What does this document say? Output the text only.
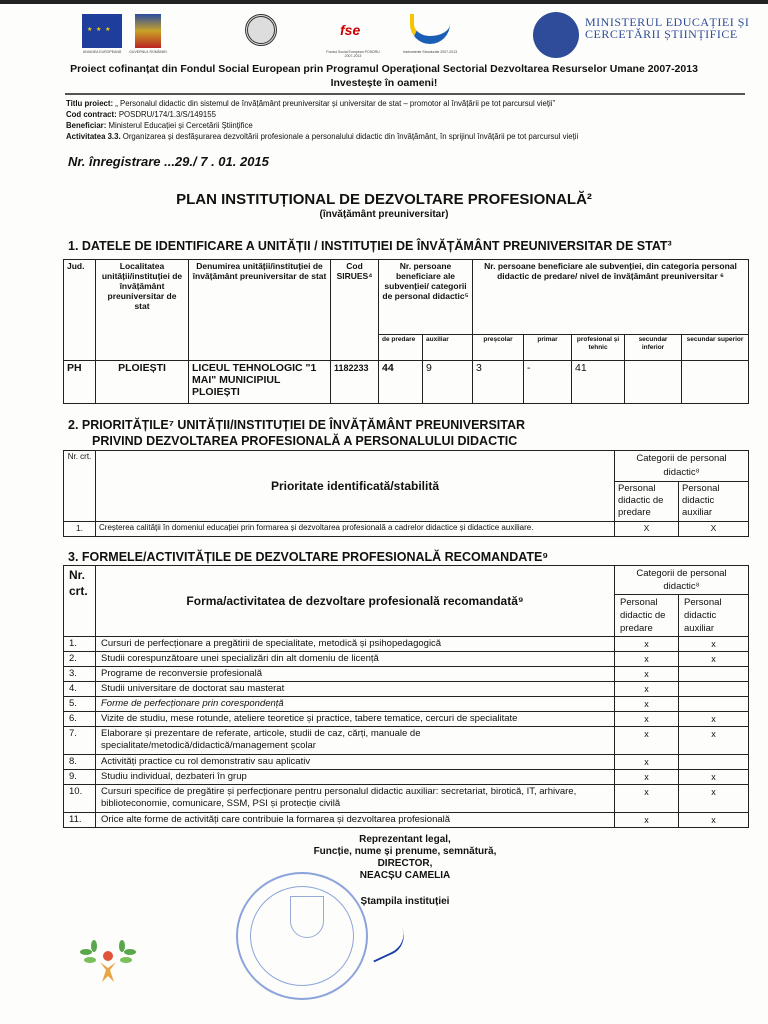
★ ★ ★
UNIUNEA EUROPEANĂ	GUVERNUL ROMÂNIEI
fse
Fondul Social European POSDRU 2007-2013
Instrumente Structurale 2007-2013
MINISTERUL EDUCAȚIEI ȘI
CERCETĂRII ȘTIINȚIFICE
Proiect cofinanțat din Fondul Social European prin Programul Operațional Sectorial Dezvoltarea Resurselor Umane 2007-2013
Investește în oameni!
Titlu proiect: „ Personalul didactic din sistemul de învățământ preuniversitar și universitar de stat – promotor al învățării pe tot parcursul vieții”
Cod contract: POSDRU/174/1.3/S/149155
Beneficiar: Ministerul Educației și Cercetării Științifice
Activitatea 3.3. Organizarea și desfășurarea dezvoltării profesionale a personalului didactic din învățământ, în sprijinul învățării pe tot parcursul vieții
Nr. înregistrare ...29./ 7 . 01. 2015
PLAN INSTITUȚIONAL DE DEZVOLTARE PROFESIONALĂ²
(învățământ preuniversitar)
1. DATELE DE IDENTIFICARE A UNITĂȚII / INSTITUȚIEI DE ÎNVĂȚĂMÂNT PREUNIVERSITAR DE STAT³
Jud.	Localitatea unității/instituției de învățământ preuniversitar de stat	Denumirea unității/instituției de învățământ preuniversitar de stat	Cod SIRUES⁴	Nr. persoane beneficiare ale subvenției/ categorii de personal didactic⁵		Nr. persoane beneficiare ale subvenției, din categoria personal didactic de predare/ nivel de învățământ preuniversitar ⁶				
				de predare	auxiliar	preșcolar	primar	profesional și tehnic	secundar inferior	secundar superior
PH	PLOIEȘTI	LICEUL TEHNOLOGIC "1 MAI" MUNICIPIUL PLOIEȘTI	1182233	44	9	3	-	41		
2. PRIORITĂȚILE⁷ UNITĂȚII/INSTITUȚIEI DE ÎNVĂȚĂMÂNT PREUNIVERSITAR
PRIVIND DEZVOLTAREA PROFESIONALĂ A PERSONALULUI DIDACTIC
Nr. crt.	Prioritate identificată/stabilită	Categorii de personal didactic⁸	
		Personal didactic de predare	Personal didactic auxiliar
1.	Creșterea calității în domeniul educației prin formarea și dezvoltarea profesională a cadrelor didactice și didactice auxiliare.	X	X
3. FORMELE/ACTIVITĂȚILE DE DEZVOLTARE PROFESIONALĂ RECOMANDATE⁹
Nr. crt.	Forma/activitatea de dezvoltare profesională recomandată⁹	Categorii de personal didactic⁸	
		Personal didactic de predare	Personal didactic auxiliar
1.	Cursuri de perfecționare a pregătirii de specialitate, metodică și psihopedagogică	x	x
2.	Studii corespunzătoare unei specializări din alt domeniu de licență	x	x
3.	Programe de reconversie profesională	x	
4.	Studii universitare de doctorat sau masterat	x	
5.	Forme de perfecționare prin corespondență	x	
6.	Vizite de studiu, mese rotunde, ateliere teoretice și practice, tabere tematice, cercuri de specialitate	x	x
7.	Elaborare și prezentare de referate, articole, studii de caz, cărți, manuale de specialitate/metodică/didactică/management școlar	x	x
8.	Activități practice cu rol demonstrativ sau aplicativ	x	
9.	Studiu individual, dezbateri în grup	x	x
10.	Cursuri specifice de pregătire și perfecționare pentru personalul didactic auxiliar: secretariat, birotică, IT, arhivare, biblioteconomie, comunicare, SSM, PSI și protecție civilă	x	x
11.	Orice alte forme de activități care contribuie la formarea și dezvoltarea profesională	x	x
Reprezentant legal,
Funcție, nume și prenume, semnătură,
DIRECTOR,
NEACȘU CAMELIA
Ștampila instituției
